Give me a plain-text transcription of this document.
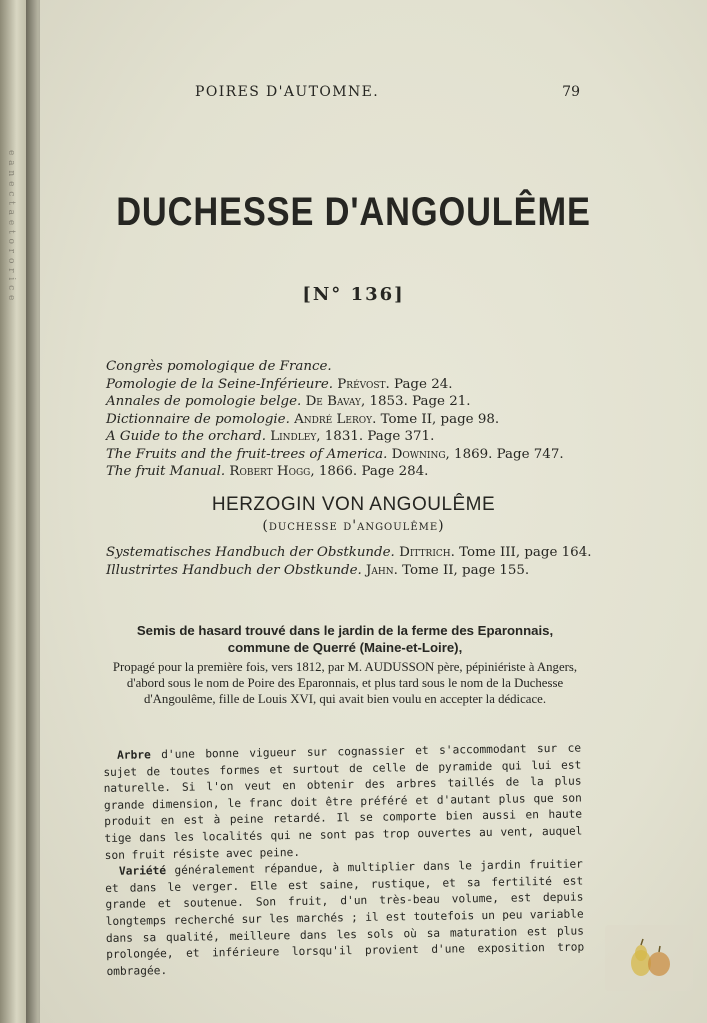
e a n e c t a e t o r o r i c e
POIRES D'AUTOMNE.	79
DUCHESSE D'ANGOULÊME
[N° 136]
Congrès pomologique de France.
Pomologie de la Seine-Inférieure. Prévost. Page 24.
Annales de pomologie belge. De Bavay, 1853. Page 21.
Dictionnaire de pomologie. André Leroy. Tome II, page 98.
A Guide to the orchard. Lindley, 1831. Page 371.
The Fruits and the fruit-trees of America. Downing, 1869. Page 747.
The fruit Manual. Robert Hogg, 1866. Page 284.
HERZOGIN VON ANGOULÊME
(duchesse d'angoulême)
Systematisches Handbuch der Obstkunde. Dittrich. Tome III, page 164.
Illustrirtes Handbuch der Obstkunde. Jahn. Tome II, page 155.
Semis de hasard trouvé dans le jardin de la ferme des Eparonnais,
commune de Querré (Maine-et-Loire),
Propagé pour la première fois, vers 1812, par M. AUDUSSON père, pépiniériste à Angers,
d'abord sous le nom de Poire des Eparonnais, et plus tard sous le nom de la Duchesse
d'Angoulême, fille de Louis XVI, qui avait bien voulu en accepter la dédicace.

Arbre d'une bonne vigueur sur cognassier et s'accommodant sur ce sujet de toutes formes et surtout de celle de pyramide qui lui est naturelle. Si l'on veut en obtenir des arbres taillés de la plus grande dimension, le franc doit être préféré et d'autant plus que son produit en est à peine retardé. Il se comporte bien aussi en haute tige dans les localités qui ne sont pas trop ouvertes au vent, auquel son fruit résiste avec peine.

Variété généralement répandue, à multiplier dans le jardin fruitier et dans le verger. Elle est saine, rustique, et sa fertilité est grande et soutenue. Son fruit, d'un très-beau volume, est depuis longtemps recherché sur les marchés ; il est toutefois un peu variable dans sa qualité, meilleure dans les sols où sa maturation est plus prolongée, et inférieure lorsqu'il provient d'une exposition trop ombragée.
